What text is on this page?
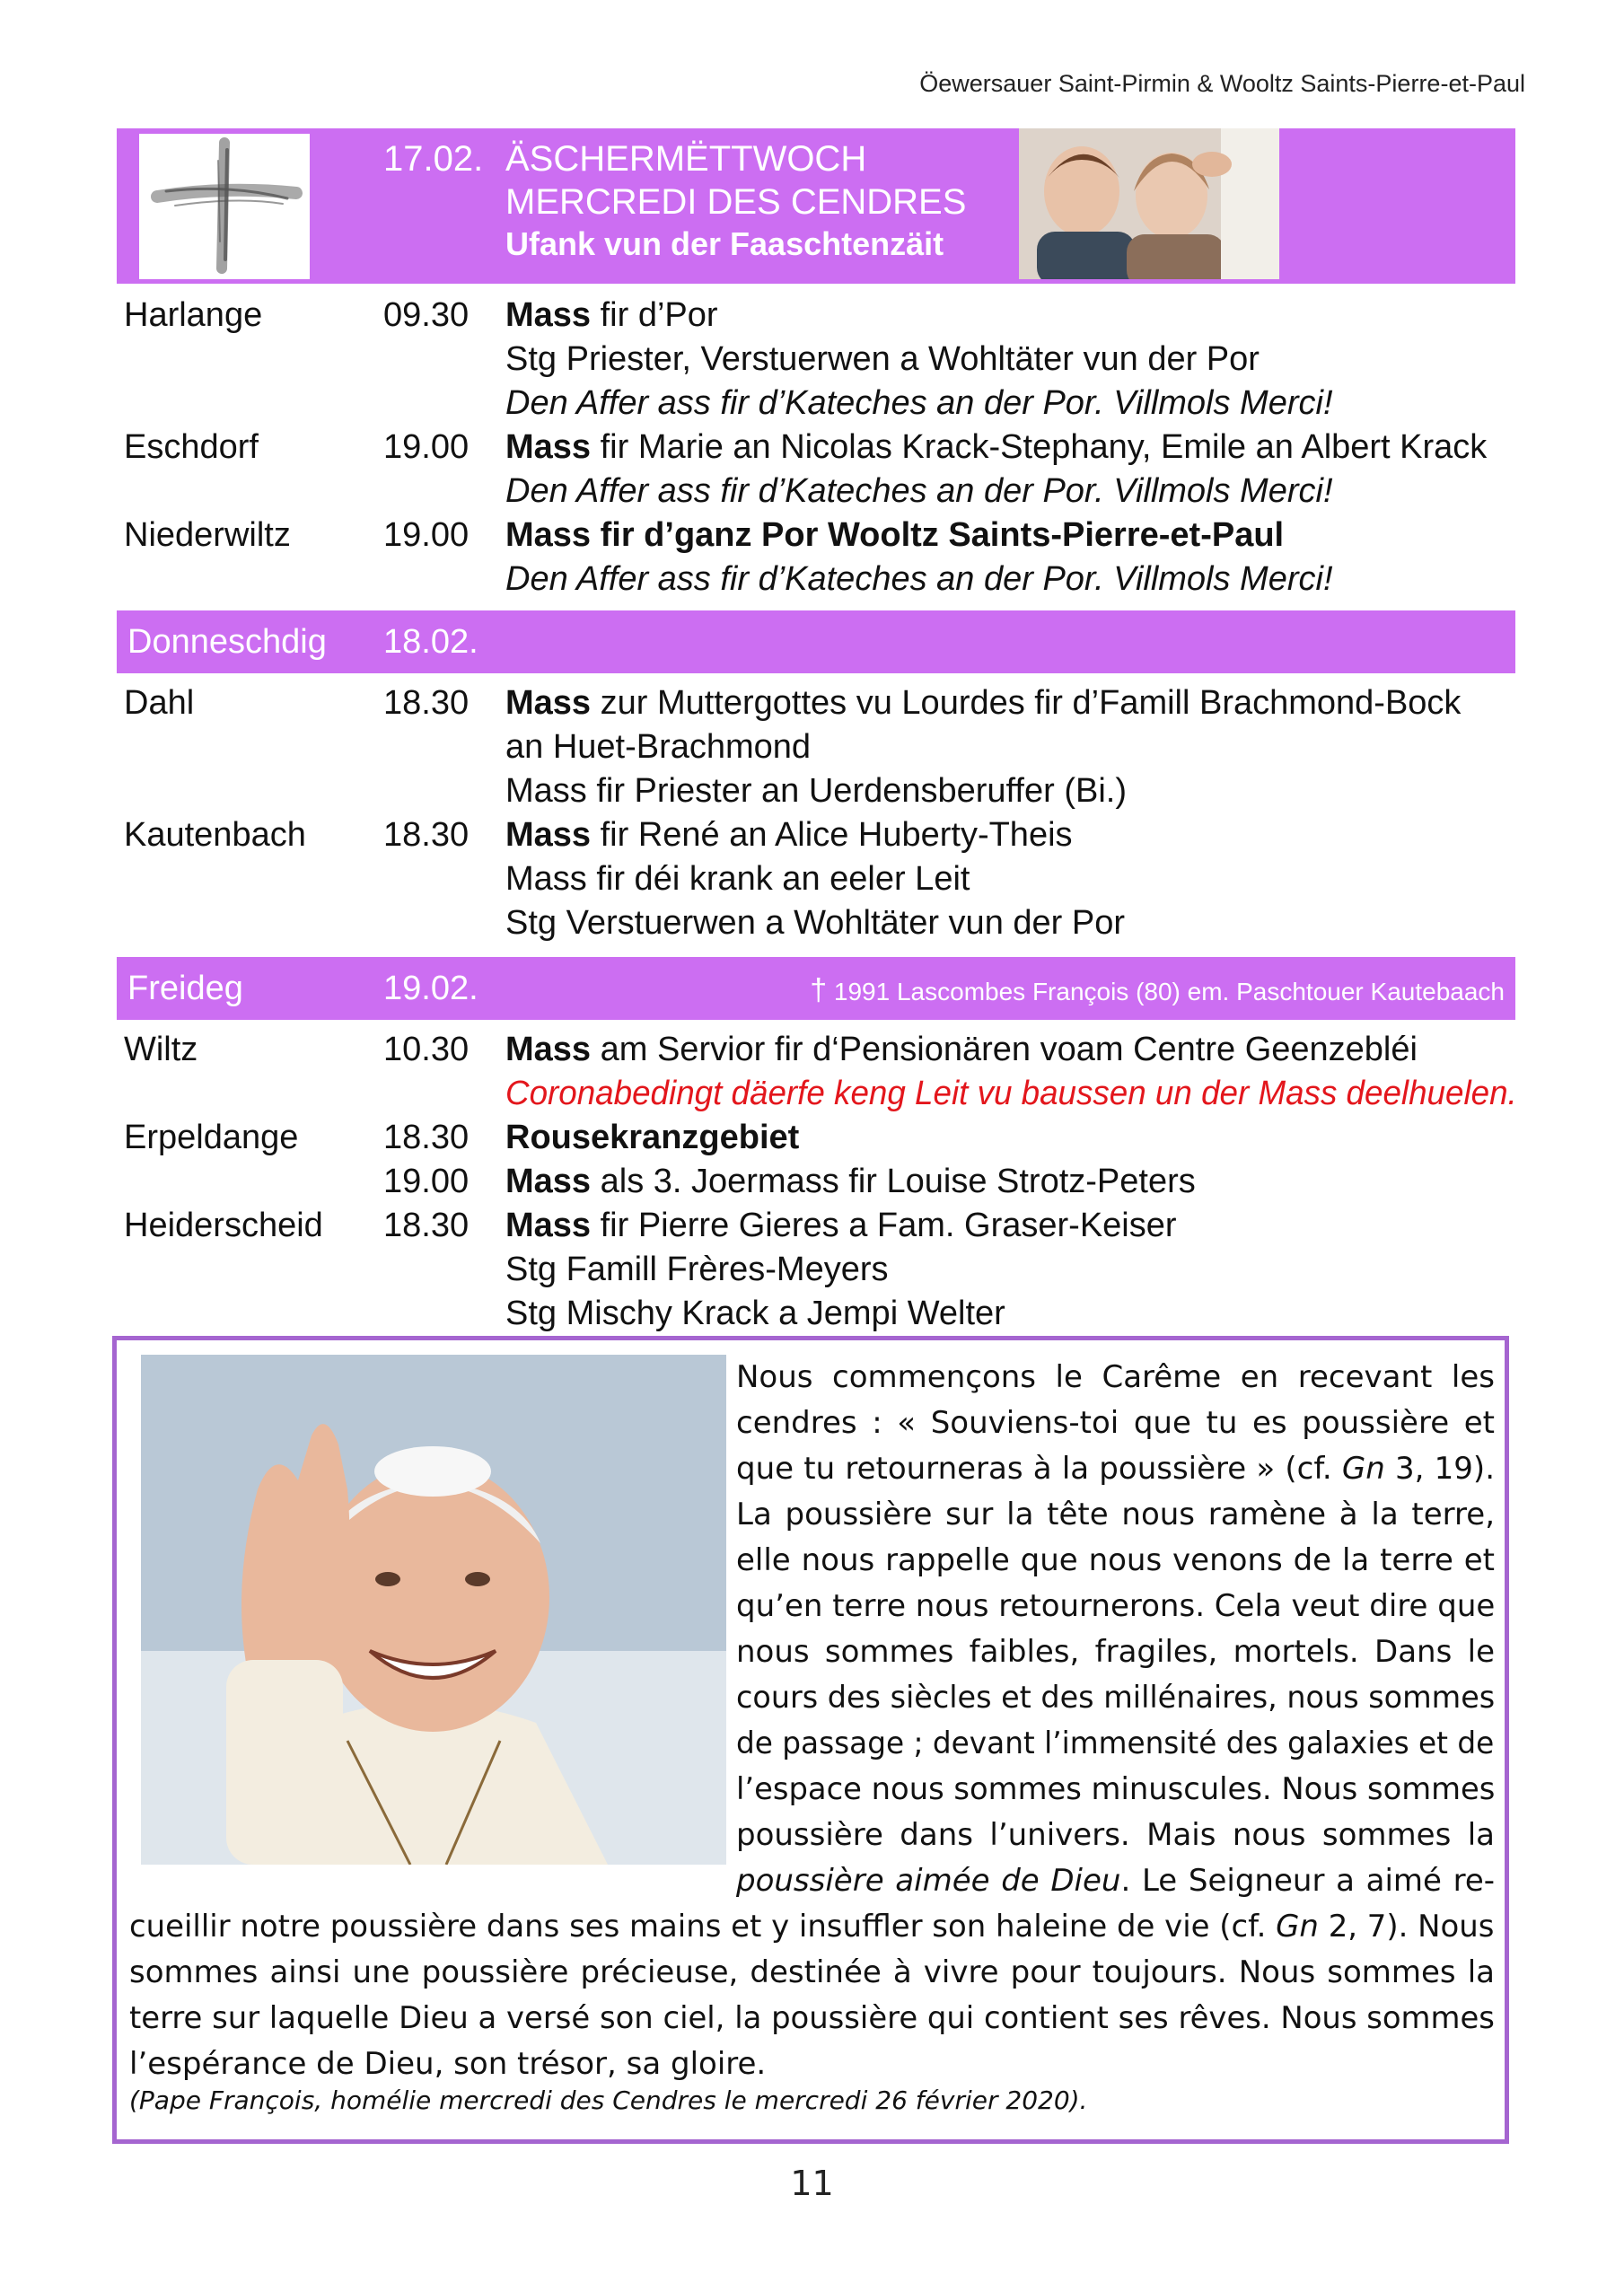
Öewersauer Saint-Pirmin & Wooltz Saints-Pierre-et-Paul
17.02. ÄSCHERMËTTWOCH
MERCREDI DES CENDRES
Ufank vun der Faaschtenzäit
Harlange	09.30 Mass fir d’Por
Stg Priester, Verstuerwen a Wohltäter vun der Por
Den Affer ass fir d’Kateches an der Por. Villmols Merci!
Eschdorf	19.00 Mass fir Marie an Nicolas Krack-Stephany, Emile an Albert Krack
Den Affer ass fir d’Kateches an der Por. Villmols Merci!
Niederwiltz	19.00 Mass fir d’ganz Por Wooltz Saints-Pierre-et-Paul
Den Affer ass fir d’Kateches an der Por. Villmols Merci!
Donneschdig 18.02.
Dahl	18.30 Mass zur Muttergottes vu Lourdes fir d’Famill Brachmond-Bock
an Huet-Brachmond
Mass fir Priester an Uerdensberuffer (Bi.)
Kautenbach 18.30 Mass fir René an Alice Huberty-Theis
Mass fir déi krank an eeler Leit
Stg Verstuerwen a Wohltäter vun der Por
Freideg	19.02.	† 1991 Lascombes François (80) em. Paschtouer Kautebaach
Wiltz	10.30 Mass am Servior fir d‘Pensionären voam Centre Geenzebléi
Coronabedingt däerfe keng Leit vu baussen un der Mass deelhuelen.
Erpeldange 18.30 Rousekranzgebiet
19.00 Mass als 3. Joermass fir Louise Strotz-Peters
Heiderscheid 18.30 Mass fir Pierre Gieres a Fam. Graser-Keiser
Stg Famill Frères-Meyers
Stg Mischy Krack a Jempi Welter
Nous commençons le Carême en recevant les
cendres : « Souviens-toi que tu es poussière et
que tu retourneras à la poussière » (cf. Gn 3, 19).
La poussière sur la tête nous ramène à la terre,
elle nous rappelle que nous venons de la terre et
qu’en terre nous retournerons. Cela veut dire que
nous sommes faibles, fragiles, mortels. Dans le
cours des siècles et des millénaires, nous sommes
de passage ; devant l’immensité des galaxies et de
l’espace nous sommes minuscules. Nous sommes
poussière dans l’univers. Mais nous sommes la
poussière aimée de Dieu. Le Seigneur a aimé re-
cueillir notre poussière dans ses mains et y insuffler son haleine de vie (cf. Gn 2, 7). Nous
sommes ainsi une poussière précieuse, destinée à vivre pour toujours. Nous sommes la
terre sur laquelle Dieu a versé son ciel, la poussière qui contient ses rêves. Nous sommes
l’espérance de Dieu, son trésor, sa gloire.
(Pape François, homélie mercredi des Cendres le mercredi 26 février 2020).
11
